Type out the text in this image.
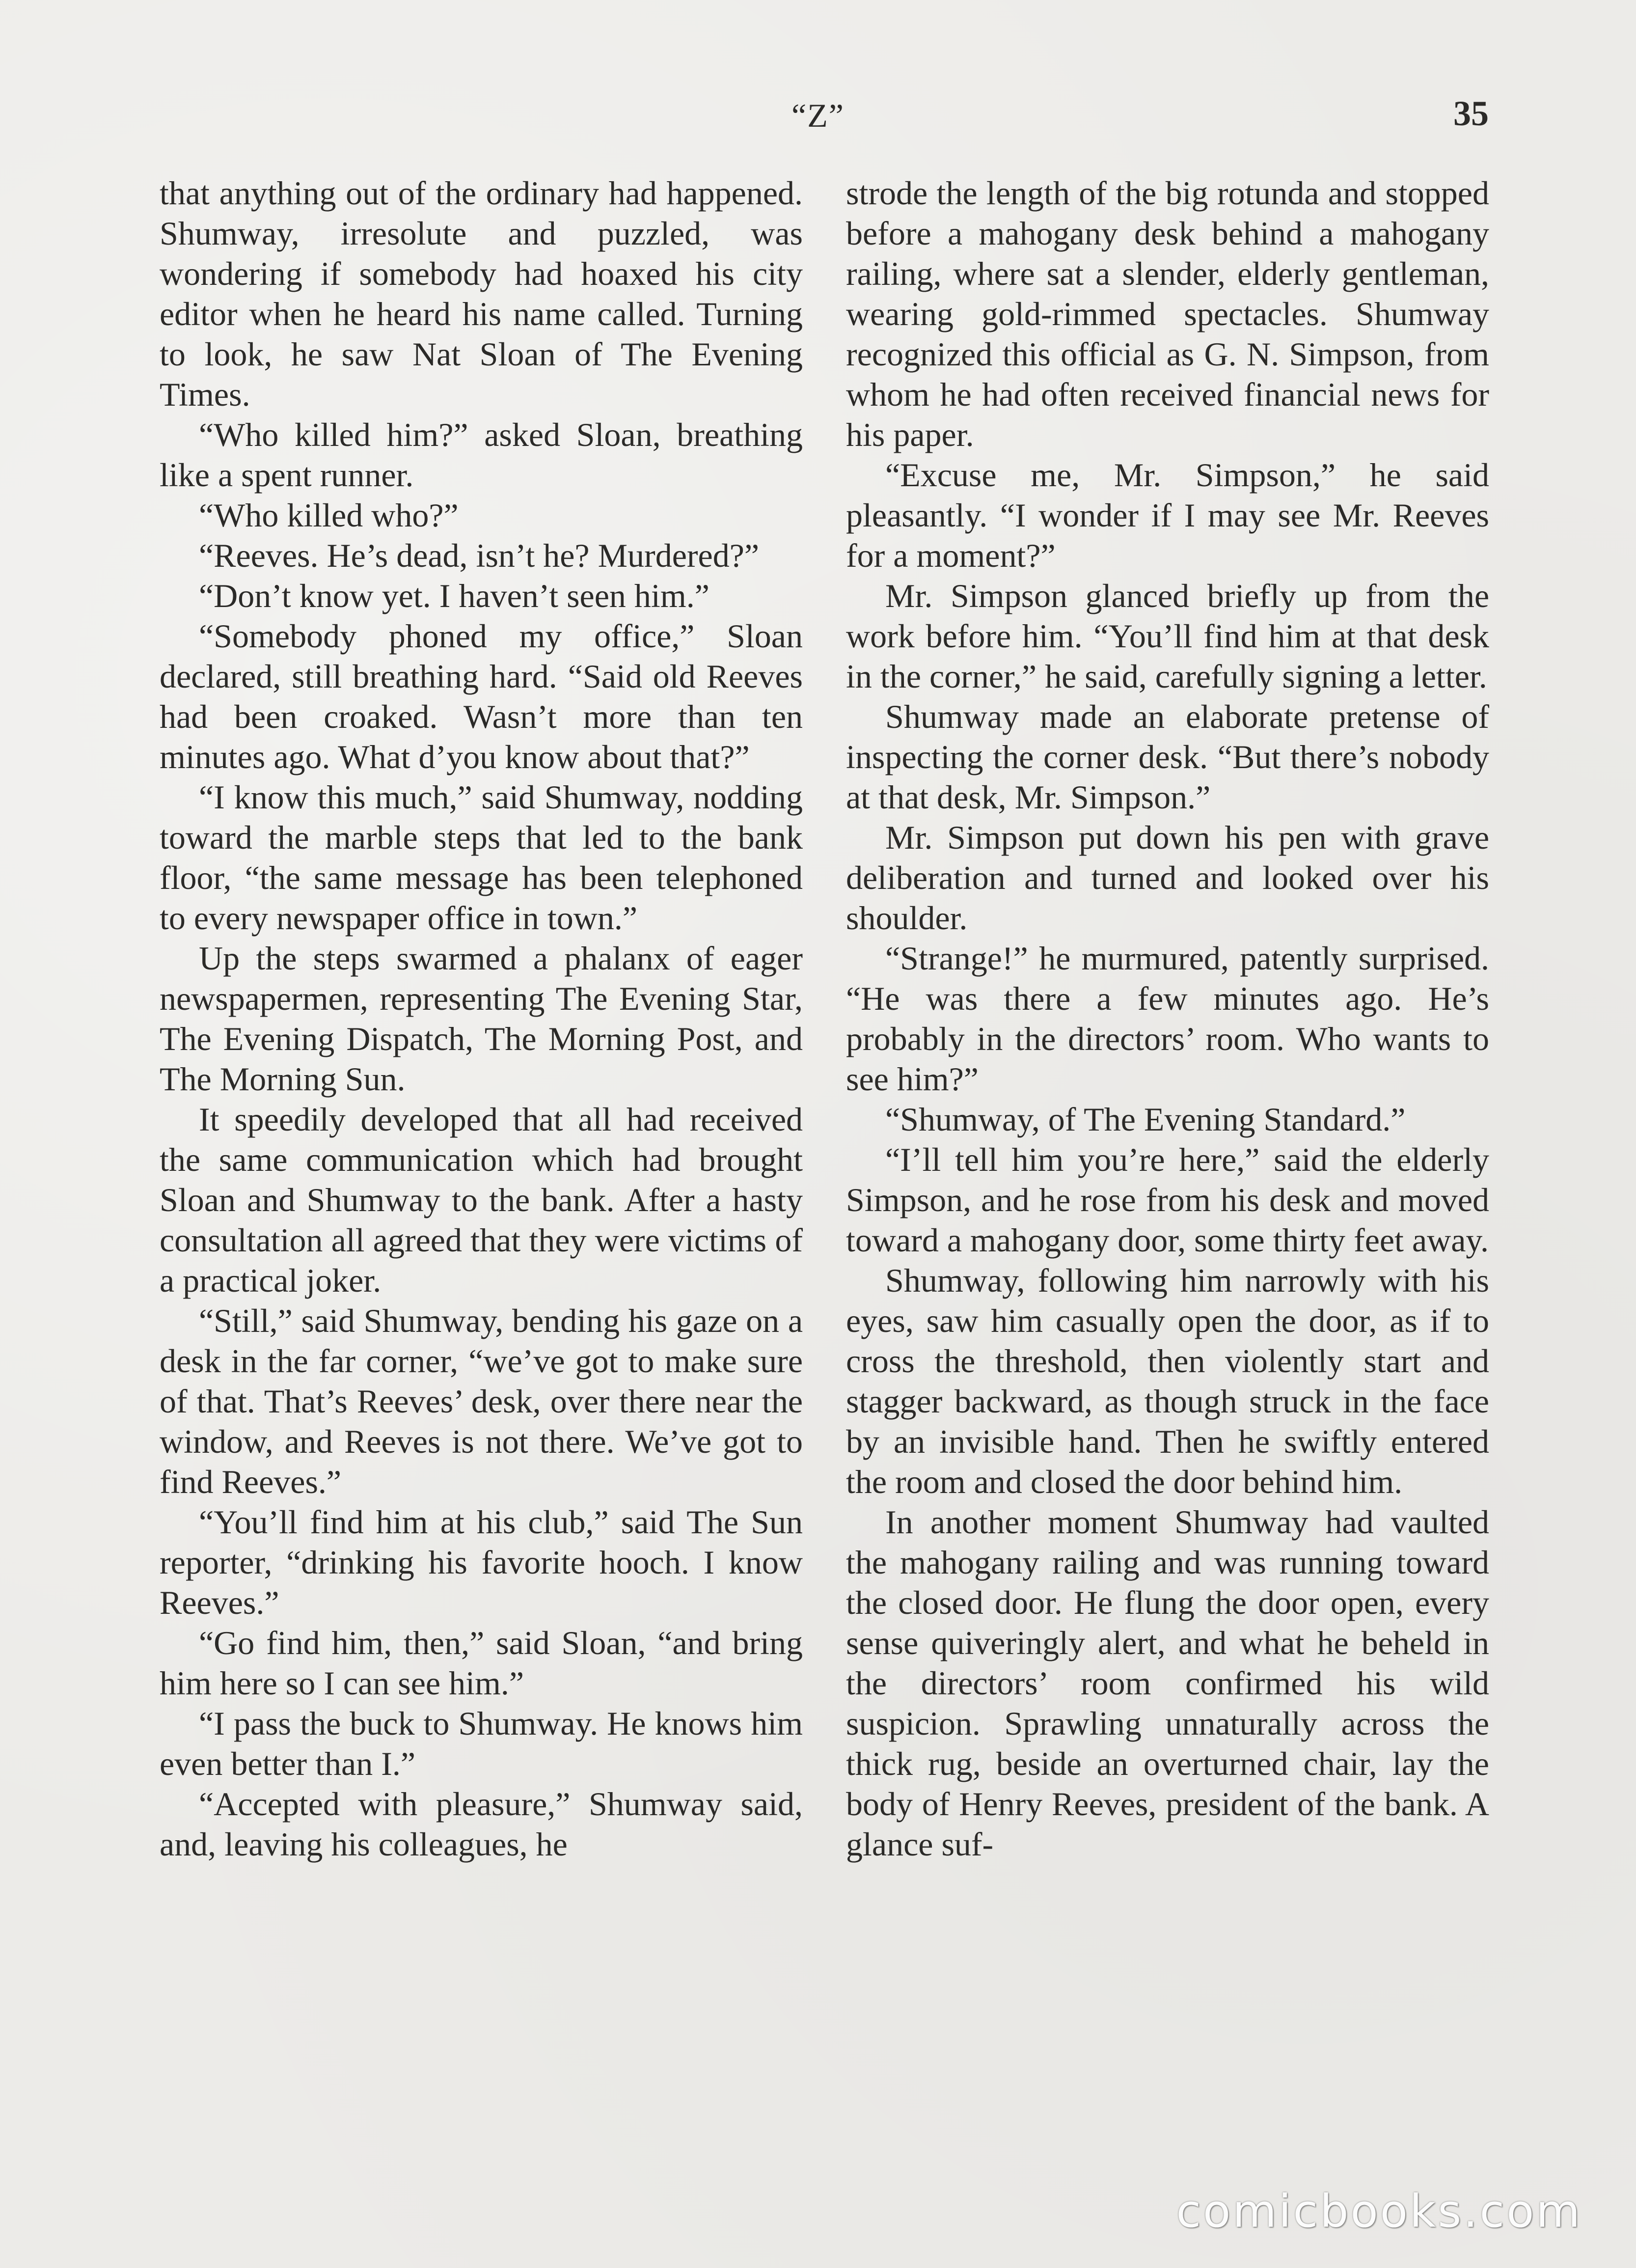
“Z”	35

that anything out of the ordinary had happened. Shumway, irresolute and puzzled, was wondering if somebody had hoaxed his city editor when he heard his name called. Turning to look, he saw Nat Sloan of The Evening Times.

“Who killed him?” asked Sloan, breathing like a spent runner.

“Who killed who?”

“Reeves. He’s dead, isn’t he? Murdered?”

“Don’t know yet. I haven’t seen him.”

“Somebody phoned my office,” Sloan declared, still breathing hard. “Said old Reeves had been croaked. Wasn’t more than ten minutes ago. What d’you know about that?”

“I know this much,” said Shumway, nodding toward the marble steps that led to the bank floor, “the same message has been telephoned to every newspaper office in town.”

Up the steps swarmed a phalanx of eager newspapermen, representing The Evening Star, The Evening Dispatch, The Morning Post, and The Morning Sun.

It speedily developed that all had received the same communication which had brought Sloan and Shumway to the bank. After a hasty consultation all agreed that they were victims of a practical joker.

“Still,” said Shumway, bending his gaze on a desk in the far corner, “we’ve got to make sure of that. That’s Reeves’ desk, over there near the window, and Reeves is not there. We’ve got to find Reeves.”

“You’ll find him at his club,” said The Sun reporter, “drinking his favorite hooch. I know Reeves.”

“Go find him, then,” said Sloan, “and bring him here so I can see him.”

“I pass the buck to Shumway. He knows him even better than I.”

“Accepted with pleasure,” Shumway said, and, leaving his colleagues, he

strode the length of the big rotunda and stopped before a mahogany desk behind a mahogany railing, where sat a slender, elderly gentleman, wearing gold-rimmed spectacles. Shumway recognized this official as G. N. Simpson, from whom he had often received financial news for his paper.

“Excuse me, Mr. Simpson,” he said pleasantly. “I wonder if I may see Mr. Reeves for a moment?”

Mr. Simpson glanced briefly up from the work before him. “You’ll find him at that desk in the corner,” he said, carefully signing a letter.

Shumway made an elaborate pretense of inspecting the corner desk. “But there’s nobody at that desk, Mr. Simpson.”

Mr. Simpson put down his pen with grave deliberation and turned and looked over his shoulder.

“Strange!” he murmured, patently surprised. “He was there a few minutes ago. He’s probably in the directors’ room. Who wants to see him?”

“Shumway, of The Evening Standard.”

“I’ll tell him you’re here,” said the elderly Simpson, and he rose from his desk and moved toward a mahogany door, some thirty feet away.

Shumway, following him narrowly with his eyes, saw him casually open the door, as if to cross the threshold, then violently start and stagger backward, as though struck in the face by an invisible hand. Then he swiftly entered the room and closed the door behind him.

In another moment Shumway had vaulted the mahogany railing and was running toward the closed door. He flung the door open, every sense quiveringly alert, and what he beheld in the directors’ room confirmed his wild suspicion. Sprawling unnaturally across the thick rug, beside an overturned chair, lay the body of Henry Reeves, president of the bank. A glance suf-

comicbooks.com
